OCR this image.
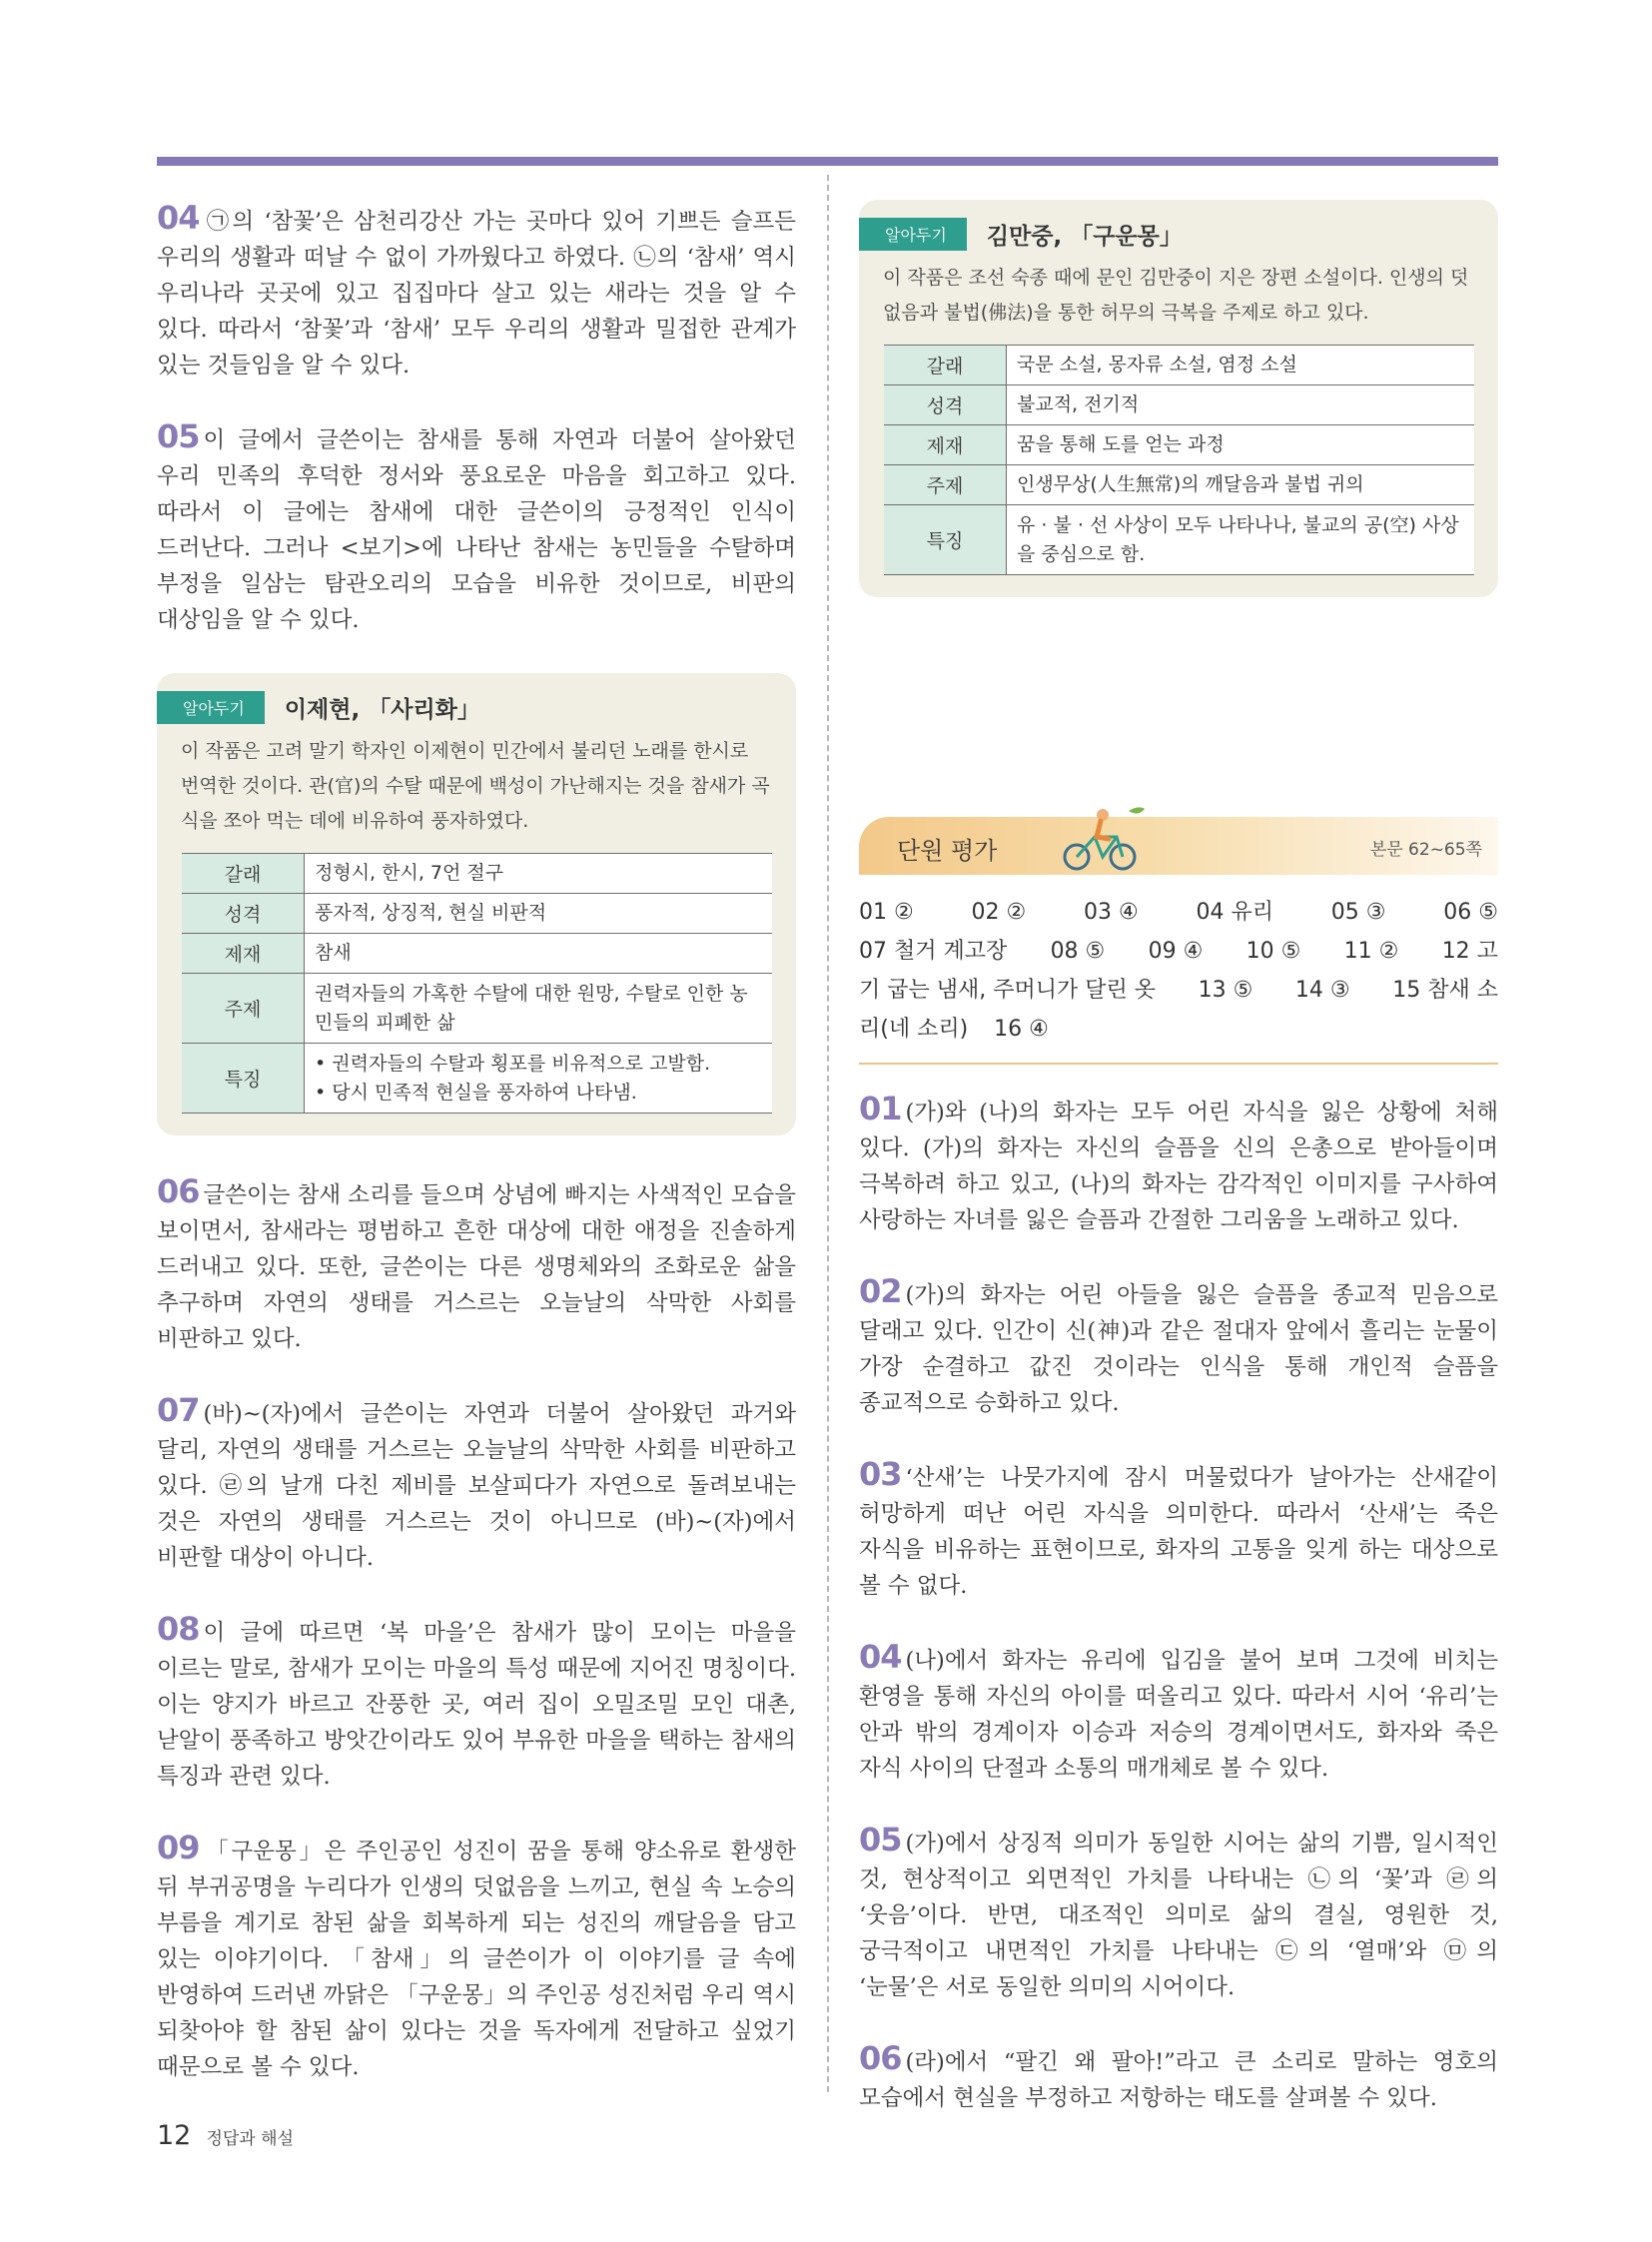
04 ㉠의 ‘참꽃’은 삼천리강산 가는 곳마다 있어 기쁘든 슬프든 우리의 생활과 떠날 수 없이 가까웠다고 하였다. ㉡의 ‘참새’ 역시 우리나라 곳곳에 있고 집집마다 살고 있는 새라는 것을 알 수 있다. 따라서 ‘참꽃’과 ‘참새’ 모두 우리의 생활과 밀접한 관계가 있는 것들임을 알 수 있다.

05 이 글에서 글쓴이는 참새를 통해 자연과 더불어 살아왔던 우리 민족의 후덕한 정서와 풍요로운 마음을 회고하고 있다. 따라서 이 글에는 참새에 대한 글쓴이의 긍정적인 인식이 드러난다. 그러나 <보기>에 나타난 참새는 농민들을 수탈하며 부정을 일삼는 탐관오리의 모습을 비유한 것이므로, 비판의 대상임을 알 수 있다.

알아두기	이제현, 「사리화」
이 작품은 고려 말기 학자인 이제현이 민간에서 불리던 노래를 한시로 번역한 것이다. 관(官)의 수탈 때문에 백성이 가난해지는 것을 참새가 곡식을 쪼아 먹는 데에 비유하여 풍자하였다.
갈래	정형시, 한시, 7언 절구
성격	풍자적, 상징적, 현실 비판적
제재	참새
주제	권력자들의 가혹한 수탈에 대한 원망, 수탈로 인한 농민들의 피폐한 삶
특징	• 권력자들의 수탈과 횡포를 비유적으로 고발함.
• 당시 민족적 현실을 풍자하여 나타냄.

06 글쓴이는 참새 소리를 들으며 상념에 빠지는 사색적인 모습을 보이면서, 참새라는 평범하고 흔한 대상에 대한 애정을 진솔하게 드러내고 있다. 또한, 글쓴이는 다른 생명체와의 조화로운 삶을 추구하며 자연의 생태를 거스르는 오늘날의 삭막한 사회를 비판하고 있다.

07 (바)~(자)에서 글쓴이는 자연과 더불어 살아왔던 과거와 달리, 자연의 생태를 거스르는 오늘날의 삭막한 사회를 비판하고 있다. ㉣의 날개 다친 제비를 보살피다가 자연으로 돌려보내는 것은 자연의 생태를 거스르는 것이 아니므로 (바)~(자)에서 비판할 대상이 아니다.

08 이 글에 따르면 ‘복 마을’은 참새가 많이 모이는 마을을 이르는 말로, 참새가 모이는 마을의 특성 때문에 지어진 명칭이다. 이는 양지가 바르고 잔풍한 곳, 여러 집이 오밀조밀 모인 대촌, 낟알이 풍족하고 방앗간이라도 있어 부유한 마을을 택하는 참새의 특징과 관련 있다.

09 「구운몽」은 주인공인 성진이 꿈을 통해 양소유로 환생한 뒤 부귀공명을 누리다가 인생의 덧없음을 느끼고, 현실 속 노승의 부름을 계기로 참된 삶을 회복하게 되는 성진의 깨달음을 담고 있는 이야기이다. 「참새」의 글쓴이가 이 이야기를 글 속에 반영하여 드러낸 까닭은 「구운몽」의 주인공 성진처럼 우리 역시 되찾아야 할 참된 삶이 있다는 것을 독자에게 전달하고 싶었기 때문으로 볼 수 있다.

알아두기	김만중, 「구운몽」
이 작품은 조선 숙종 때에 문인 김만중이 지은 장편 소설이다. 인생의 덧없음과 불법(佛法)을 통한 허무의 극복을 주제로 하고 있다.
갈래	국문 소설, 몽자류 소설, 염정 소설
성격	불교적, 전기적
제재	꿈을 통해 도를 얻는 과정
주제	인생무상(人生無常)의 깨달음과 불법 귀의
특징	유 · 불 · 선 사상이 모두 나타나나, 불교의 공(空) 사상을 중심으로 함.
단원 평가	본문 62~65쪽
01 ②	02 ②	03 ④	04 유리	05 ③	06 ⑤
07 철거 계고장 08 ⑤ 09 ④ 10 ⑤ 11 ② 12 고
기 굽는 냄새, 주머니가 달린 옷 13 ⑤ 14 ③ 15 참새 소
리(네 소리) 16 ④

01 (가)와 (나)의 화자는 모두 어린 자식을 잃은 상황에 처해 있다. (가)의 화자는 자신의 슬픔을 신의 은총으로 받아들이며 극복하려 하고 있고, (나)의 화자는 감각적인 이미지를 구사하여 사랑하는 자녀를 잃은 슬픔과 간절한 그리움을 노래하고 있다.

02 (가)의 화자는 어린 아들을 잃은 슬픔을 종교적 믿음으로 달래고 있다. 인간이 신(神)과 같은 절대자 앞에서 흘리는 눈물이 가장 순결하고 값진 것이라는 인식을 통해 개인적 슬픔을 종교적으로 승화하고 있다.

03 ‘산새’는 나뭇가지에 잠시 머물렀다가 날아가는 산새같이 허망하게 떠난 어린 자식을 의미한다. 따라서 ‘산새’는 죽은 자식을 비유하는 표현이므로, 화자의 고통을 잊게 하는 대상으로 볼 수 없다.

04 (나)에서 화자는 유리에 입김을 불어 보며 그것에 비치는 환영을 통해 자신의 아이를 떠올리고 있다. 따라서 시어 ‘유리’는 안과 밖의 경계이자 이승과 저승의 경계이면서도, 화자와 죽은 자식 사이의 단절과 소통의 매개체로 볼 수 있다.

05 (가)에서 상징적 의미가 동일한 시어는 삶의 기쁨, 일시적인 것, 현상적이고 외면적인 가치를 나타내는 ㉡의 ‘꽃’과 ㉣의 ‘웃음’이다. 반면, 대조적인 의미로 삶의 결실, 영원한 것, 궁극적이고 내면적인 가치를 나타내는 ㉢의 ‘열매’와 ㉤의 ‘눈물’은 서로 동일한 의미의 시어이다.

06 (라)에서 “팔긴 왜 팔아!”라고 큰 소리로 말하는 영호의 모습에서 현실을 부정하고 저항하는 태도를 살펴볼 수 있다.

12 정답과 해설
